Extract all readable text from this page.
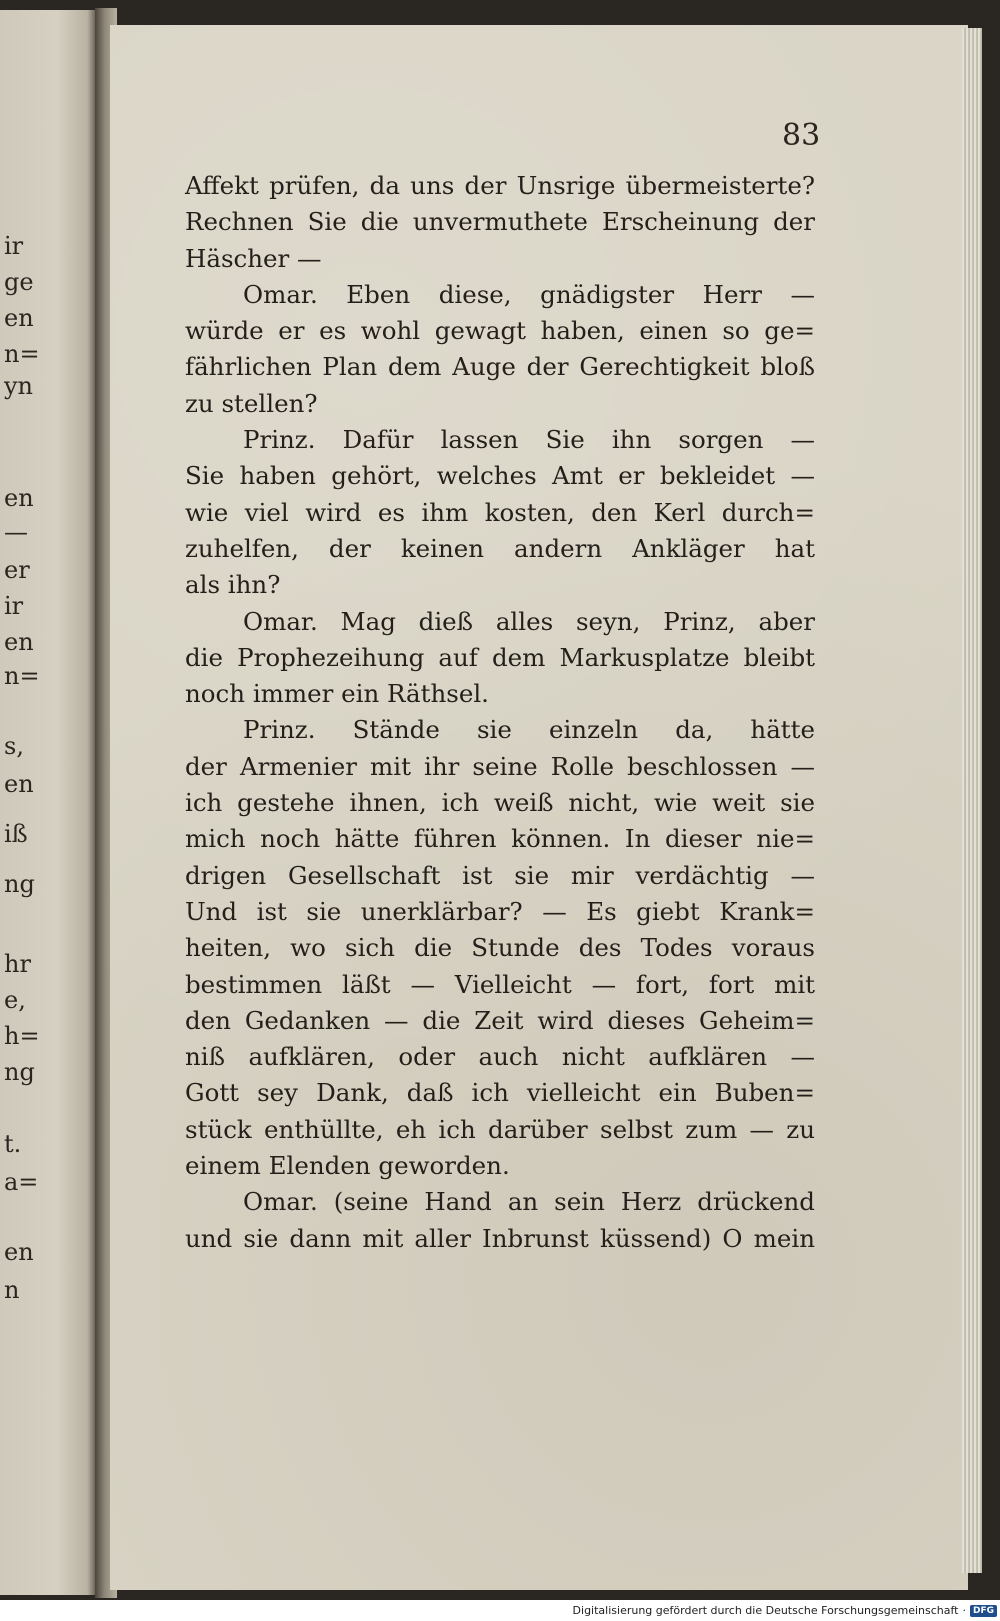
ir
ge
en
n=
yn
en
—
er
ir
en
n=
s,
en
iß
ng
hr
e,
h=
ng
t.
a=
en
n
83
Affekt prüfen, da uns der Unsrige übermeisterte?
Rechnen Sie die unvermuthete Erscheinung der
Häscher —
Omar. Eben diese, gnädigster Herr —
würde er es wohl gewagt haben, einen so ge=
fährlichen Plan dem Auge der Gerechtigkeit bloß
zu stellen?
Prinz. Dafür lassen Sie ihn sorgen —
Sie haben gehört, welches Amt er bekleidet —
wie viel wird es ihm kosten, den Kerl durch=
zuhelfen, der keinen andern Ankläger hat
als ihn?
Omar. Mag dieß alles seyn, Prinz, aber
die Prophezeihung auf dem Markusplatze bleibt
noch immer ein Räthsel.
Prinz. Stände sie einzeln da, hätte
der Armenier mit ihr seine Rolle beschlossen —
ich gestehe ihnen, ich weiß nicht, wie weit sie
mich noch hätte führen können. In dieser nie=
drigen Gesellschaft ist sie mir verdächtig —
Und ist sie unerklärbar? — Es giebt Krank=
heiten, wo sich die Stunde des Todes voraus
bestimmen läßt — Vielleicht — fort, fort mit
den Gedanken — die Zeit wird dieses Geheim=
niß aufklären, oder auch nicht aufklären —
Gott sey Dank, daß ich vielleicht ein Buben=
stück enthüllte, eh ich darüber selbst zum — zu
einem Elenden geworden.
Omar. (seine Hand an sein Herz drückend
und sie dann mit aller Inbrunst küssend) O mein
Digitalisierung gefördert durch die Deutsche Forschungsgemeinschaft · DFG
